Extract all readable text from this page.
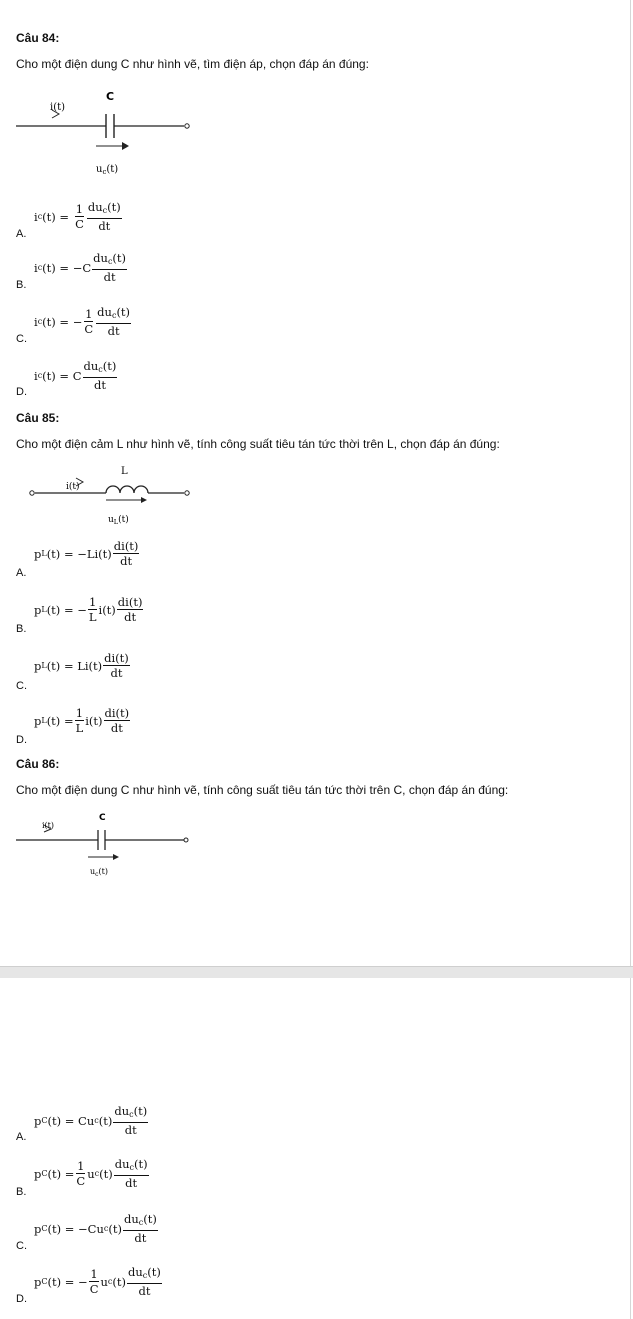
Câu 84:
Cho một điện dung C như hình vẽ, tìm điện áp, chọn đáp án đúng:
i(t)
C
$u_c(t)$
A.
i c $(t) = \frac{1}{C} \frac{du_c(t)}{dt}$
B.
i c $(t) = -C \frac{du_c(t)}{dt}$
C.
i c (t) = − $\frac{1}{C} \frac{du_c(t)}{dt}$
D.
i c (t) = C $\frac{du_c(t)}{dt}$
Câu 85:
Cho một điện cảm L như hình vẽ, tính công suất tiêu tán tức thời trên L, chọn đáp án đúng:
i(t)
L
$u_L(t)$
A.
p L $(t) = -Li(t) \frac{di(t)}{dt}$
B.
p L (t) = − $\frac{1}{L} i(t) \frac{di(t)}{dt}$
C.
p L $(t) = Li(t) \frac{di(t)}{dt}$
D.
p L $(t) = \frac{1}{L} i(t) \frac{di(t)}{dt}$
Câu 86:
Cho một điện dung C như hình vẽ, tính công suất tiêu tán tức thời trên C, chọn đáp án đúng:
i(t)
C
$u_c(t)$
A.
p C (t) = Cu c $(t) \frac{du_c(t)}{dt}$
B.
p C $(t) = \frac{1}{C}$ u c $(t) \frac{du_c(t)}{dt}$
C.
p C (t) = −Cu c $(t) \frac{du_c(t)}{dt}$
D.
p C (t) = − $\frac{1}{C}$ u c $(t) \frac{du_c(t)}{dt}$
